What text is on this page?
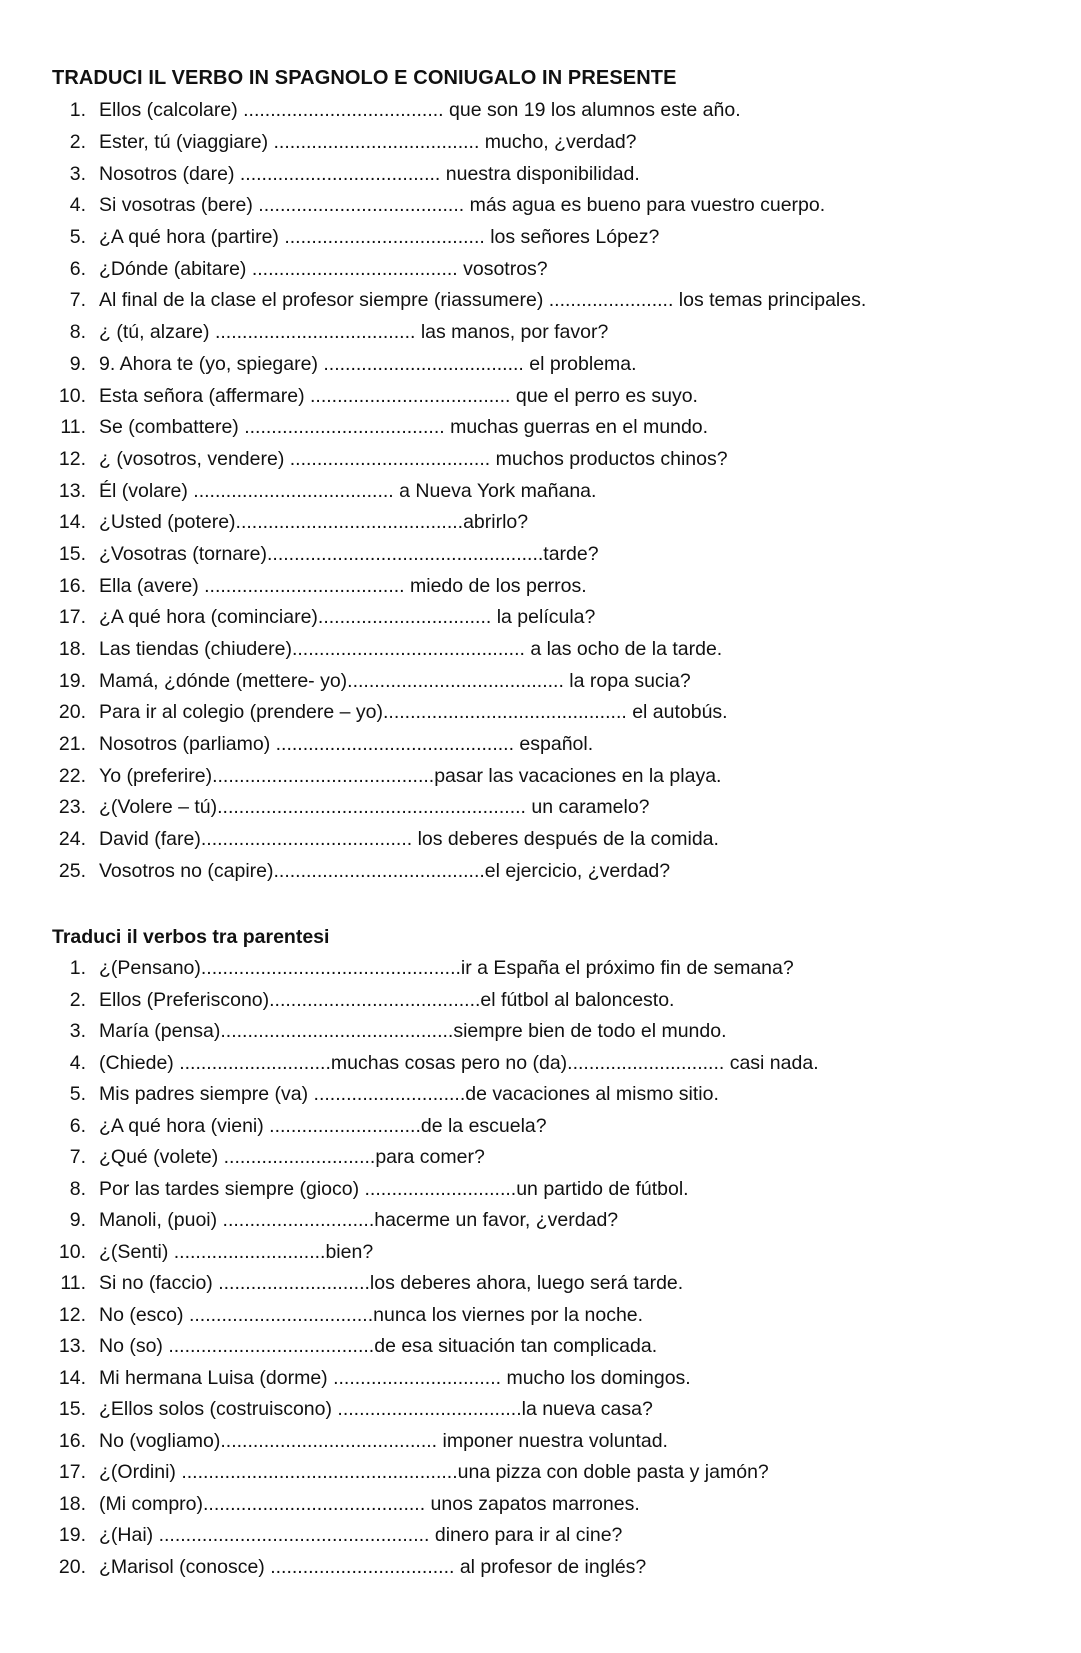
TRADUCI IL VERBO IN SPAGNOLO E CONIUGALO IN PRESENTE
1. Ellos (calcolare) ..................................... que son 19 los alumnos este año.
2. Ester, tú (viaggiare) ...................................... mucho, ¿verdad?
3. Nosotros (dare) ..................................... nuestra disponibilidad.
4. Si vosotras (bere) ...................................... más agua es bueno para vuestro cuerpo.
5. ¿A qué hora (partire) ..................................... los señores López?
6. ¿Dónde (abitare) ...................................... vosotros?
7. Al final de la clase el profesor siempre (riassumere) ....................... los temas principales.
8. ¿ (tú, alzare) ..................................... las manos, por favor?
9. 9. Ahora te (yo, spiegare) ..................................... el problema.
10. Esta señora (affermare) ..................................... que el perro es suyo.
11. Se (combattere) ..................................... muchas guerras en el mundo.
12. ¿ (vosotros, vendere) ..................................... muchos productos chinos?
13. Él (volare) ..................................... a Nueva York mañana.
14. ¿Usted (potere)..........................................abrirlo?
15. ¿Vosotras (tornare)...................................................tarde?
16. Ella (avere) ..................................... miedo de los perros.
17. ¿A qué hora (cominciare)................................ la película?
18. Las tiendas (chiudere)........................................... a las ocho de la tarde.
19. Mamá, ¿dónde (mettere- yo)........................................ la ropa sucia?
20. Para ir al colegio (prendere – yo)............................................. el autobús.
21. Nosotros (parliamo) ............................................ español.
22. Yo (preferire).........................................pasar las vacaciones en la playa.
23. ¿(Volere – tú)......................................................... un caramelo?
24. David (fare)....................................... los deberes después de la comida.
25. Vosotros no (capire).......................................el ejercicio, ¿verdad?
Traduci il verbos tra parentesi
1. ¿(Pensano)................................................ir a España el próximo fin de semana?
2. Ellos (Preferiscono).......................................el fútbol al baloncesto.
3. María (pensa)...........................................siempre bien de todo el mundo.
4. (Chiede) ............................muchas cosas pero no (da)............................. casi nada.
5. Mis padres siempre (va) ............................de vacaciones al mismo sitio.
6. ¿A qué hora (vieni) ............................de la escuela?
7. ¿Qué (volete) ............................para comer?
8. Por las tardes siempre (gioco) ............................un partido de fútbol.
9. Manoli, (puoi) ............................hacerme un favor, ¿verdad?
10. ¿(Senti) ............................bien?
11. Si no (faccio) ............................los deberes ahora, luego será tarde.
12. No (esco) ..................................nunca los viernes por la noche.
13. No (so) ......................................de esa situación tan complicada.
14. Mi hermana Luisa (dorme) ............................... mucho los domingos.
15. ¿Ellos solos (costruiscono) ..................................la nueva casa?
16. No (vogliamo)........................................ imponer nuestra voluntad.
17. ¿(Ordini) ...................................................una pizza con doble pasta y jamón?
18. (Mi compro)......................................... unos zapatos marrones.
19. ¿(Hai) .................................................. dinero para ir al cine?
20. ¿Marisol (conosce) .................................. al profesor de inglés?
